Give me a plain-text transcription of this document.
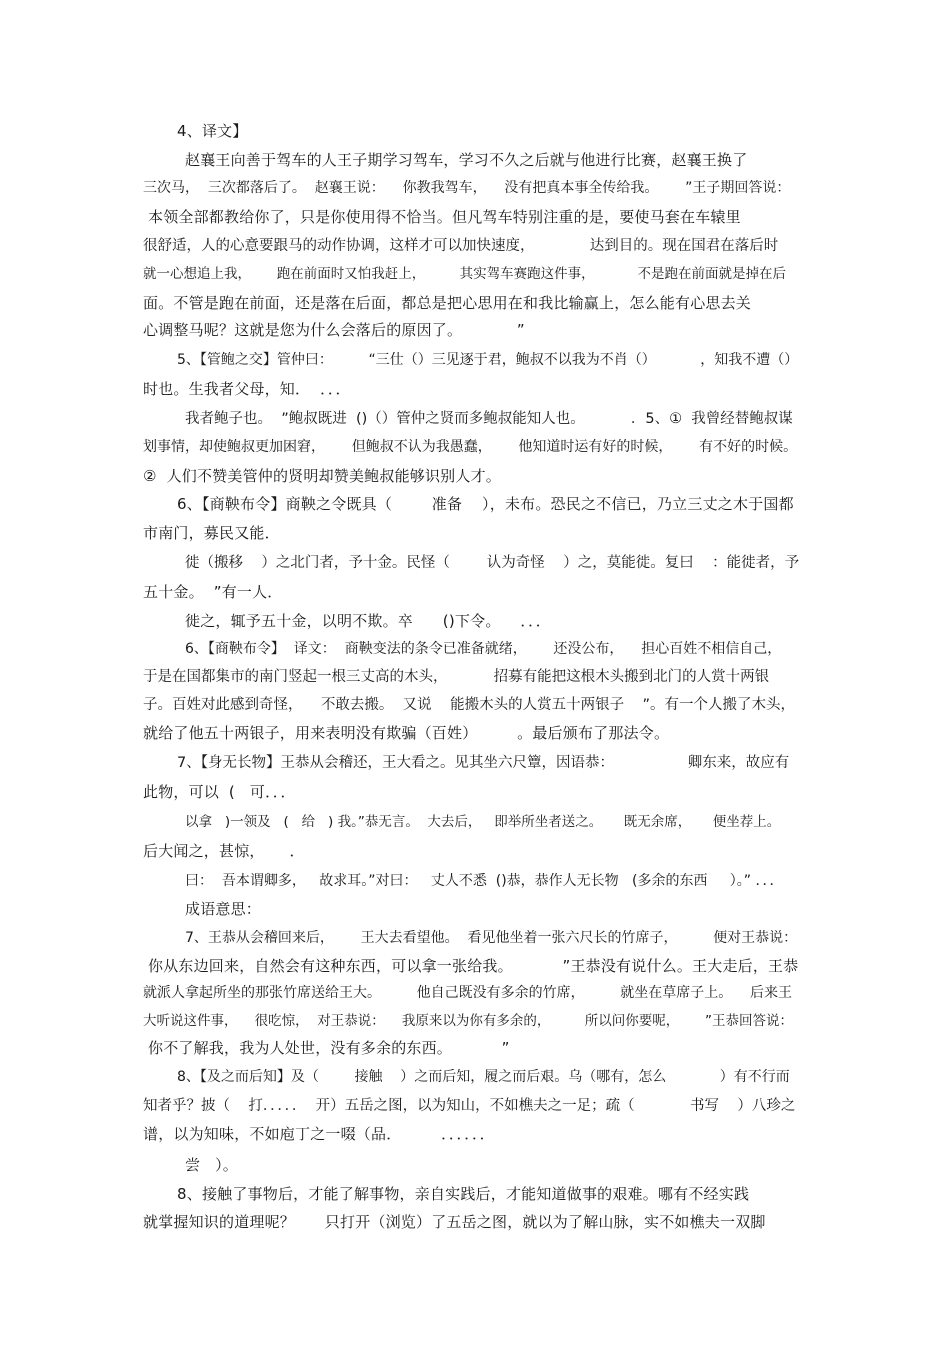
4、译文】
赵襄王向善于驾车的人王子期学习驾车，学习不久之后就与他进行比赛，赵襄王换了
三次马，  三次都落后了。  赵襄王说：    你教我驾车，    没有把真本事全传给我。      ”王子期回答说：
本领全部都教给你了，只是你使用得不恰当。但凡驾车特别注重的是，要使马套在车辕里
很舒适，人的心意要跟马的动作协调，这样才可以加快速度，            达到目的。现在国君在落后时
就一心想追上我，      跑在前面时又怕我赶上，        其实驾车赛跑这件事，          不是跑在前面就是掉在后
面。不管是跑在前面，还是落在后面，都总是把心思用在和我比输赢上，怎么能有心思去关
心调整马呢？这就是您为什么会落后的原因了。           ”
5、【管鲍之交】管仲曰：        “三仕（）三见逐于君，鲍叔不以我为不肖（）          ，知我不遭（）
时也。生我者父母，知．  ．．．
我者鲍子也。  ”鲍叔既进  ()（）管仲之贤而多鲍叔能知人也。          ．5、①  我曾经替鲍叔谋
划事情，却使鲍叔更加困窘，      但鲍叔不认为我愚蠢，      他知道时运有好的时候，      有不好的时候。
②  人们不赞美管仲的贤明却赞美鲍叔能够识别人才。
6、【商鞅布令】商鞅之令既具（        准备    ），未布。恐民之不信已，乃立三丈之木于国都
市南门，募民又能．
徙（搬移    ）之北门者，予十金。民怪（        认为奇怪    ）之，莫能徙。复曰    ：能徙者，予
五十金。  ”有一人．
徙之，辄予五十金，以明不欺。卒      ()下令。    ．．．
6、【商鞅布令】  译文：  商鞅变法的条令已准备就绪，      还没公布，    担心百姓不相信自己，
于是在国都集市的南门竖起一根三丈高的木头，          招募有能把这根木头搬到北门的人赏十两银
子。百姓对此感到奇怪，    不敢去搬。  又说    能搬木头的人赏五十两银子    ”。有一个人搬了木头，
就给了他五十两银子，用来表明没有欺骗（百姓）        。最后颁布了那法令。
7、【身无长物】王恭从会稽还，王大看之。见其坐六尺簟，因语恭：                卿东来，故应有
此物，可以  (   可．．．
以拿   )一领及   (   给   ) 我。”恭无言。  大去后，   即举所坐者送之。     既无余席，     便坐荐上。
后大闻之，甚惊，     ．
曰：  吾本谓卿多，   故求耳。”对曰：   丈人不悉  ()恭，恭作人无长物   (多余的东西     ）。” ．．．
成语意思：
7、王恭从会稽回来后，      王大去看望他。  看见他坐着一张六尺长的竹席子，        便对王恭说：
你从东边回来，自然会有这种东西，可以拿一张给我。          ”王恭没有说什么。王大走后，王恭
就派人拿起所坐的那张竹席送给王大。        他自己既没有多余的竹席，        就坐在草席子上。    后来王
大听说这件事，    很吃惊，  对王恭说：    我原来以为你有多余的，        所以问你要呢，      ”王恭回答说：
你不了解我，我为人处世，没有多余的东西。          ”
8、【及之而后知】及（        接触    ）之而后知，履之而后艰。乌（哪有，怎么            ）有不行而
知者乎？披（    打．．．．．  开）五岳之图，以为知山，不如樵夫之一足；疏（            书写    ）八珍之
谱，以为知味，不如庖丁之一啜（品．        ．．．．．．
尝   ）。
8、接触了事物后，才能了解事物，亲自实践后，才能知道做事的艰难。哪有不经实践
就掌握知识的道理呢？      只打开（浏览）了五岳之图，就以为了解山脉，实不如樵夫一双脚
